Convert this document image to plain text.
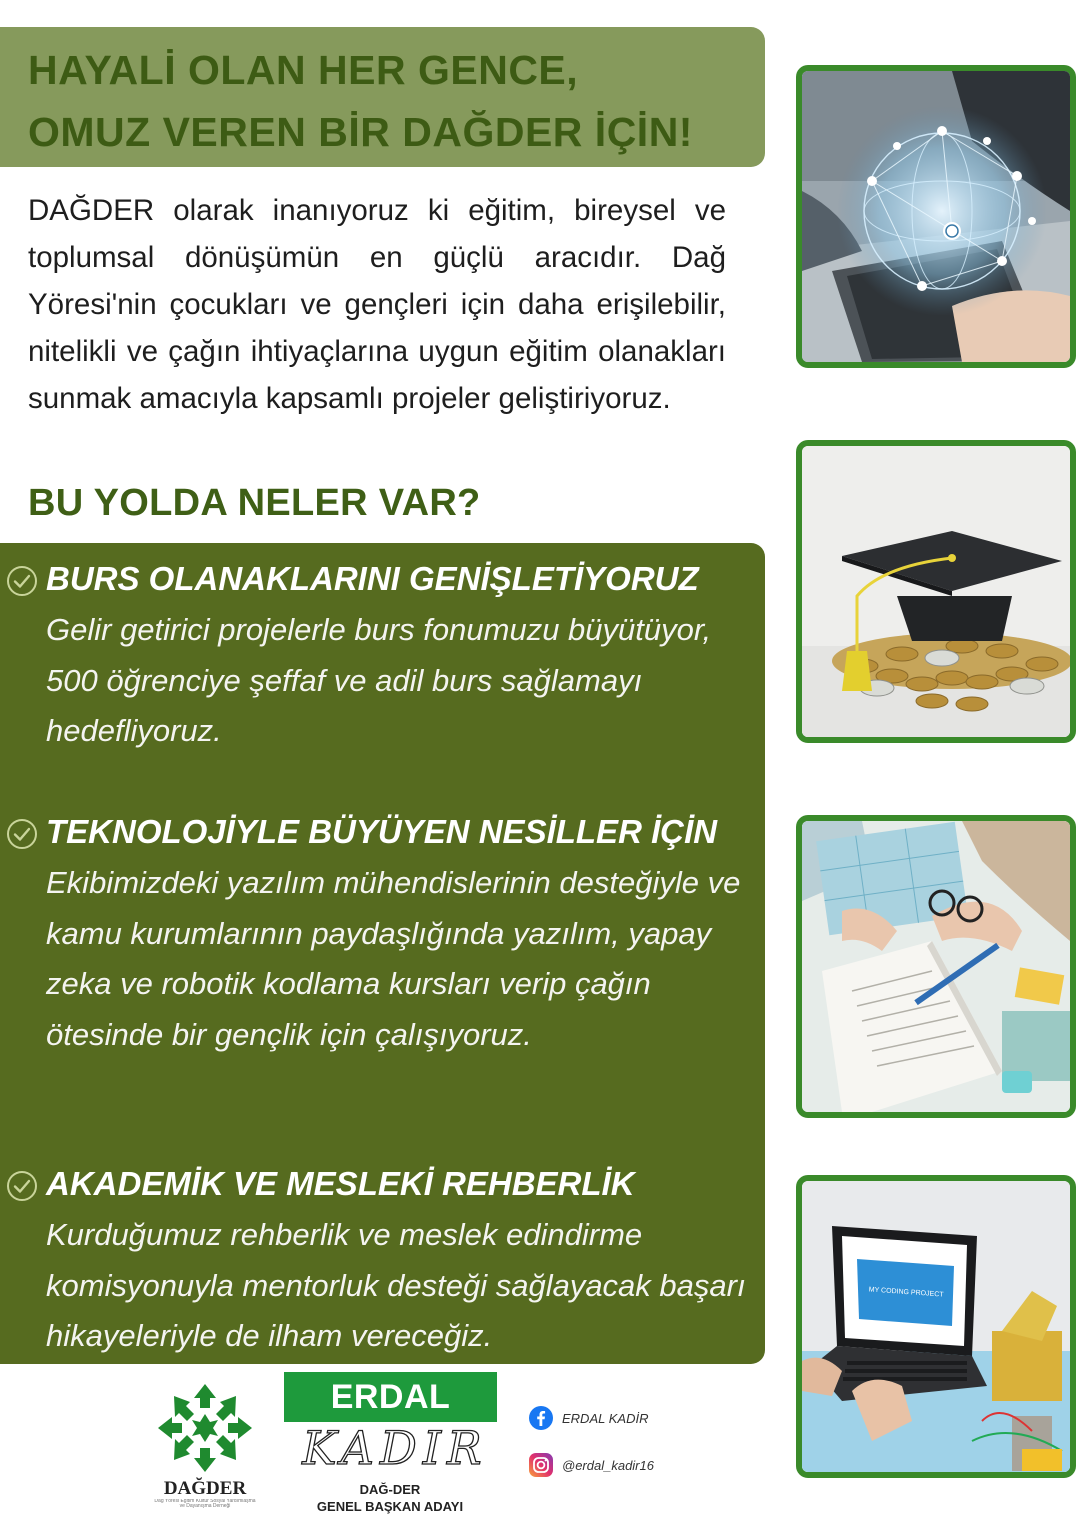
HAYALİ OLAN HER GENCE,
OMUZ VEREN BİR DAĞDER İÇİN!

DAĞDER olarak inanıyoruz ki eğitim, bireysel ve toplumsal dönüşümün en güçlü aracıdır. Dağ Yöresi'nin çocukları ve gençleri için daha erişilebilir, nitelikli ve çağın ihtiyaçlarına uygun eğitim olanakları sunmak amacıyla kapsamlı projeler geliştiriyoruz.

BU YOLDA NELER VAR?
BURS OLANAKLARINI GENİŞLETİYORUZ
Gelir getirici projelerle burs fonumuzu büyütüyor, 500 öğrenciye şeffaf ve adil burs sağlamayı hedefliyoruz.
TEKNOLOJİYLE BÜYÜYEN NESİLLER İÇİN
Ekibimizdeki yazılım mühendislerinin desteğiyle ve kamu kurumlarının paydaşlığında yazılım, yapay zeka ve robotik kodlama kursları verip çağın ötesinde bir gençlik için çalışıyoruz.
AKADEMİK VE MESLEKİ REHBERLİK
Kurduğumuz rehberlik ve meslek edindirme komisyonuyla mentorluk desteği sağlayacak başarı hikayeleriyle de ilham vereceğiz.
MY CODING PROJECT
DAĞDER
Dağ Yöresi Eğitim Kültür Sosyal Yardımlaşma ve Dayanışma Derneği
ERDAL
KADIR
DAĞ-DER
GENEL BAŞKAN ADAYI
ERDAL KADİR
@erdal_kadir16
